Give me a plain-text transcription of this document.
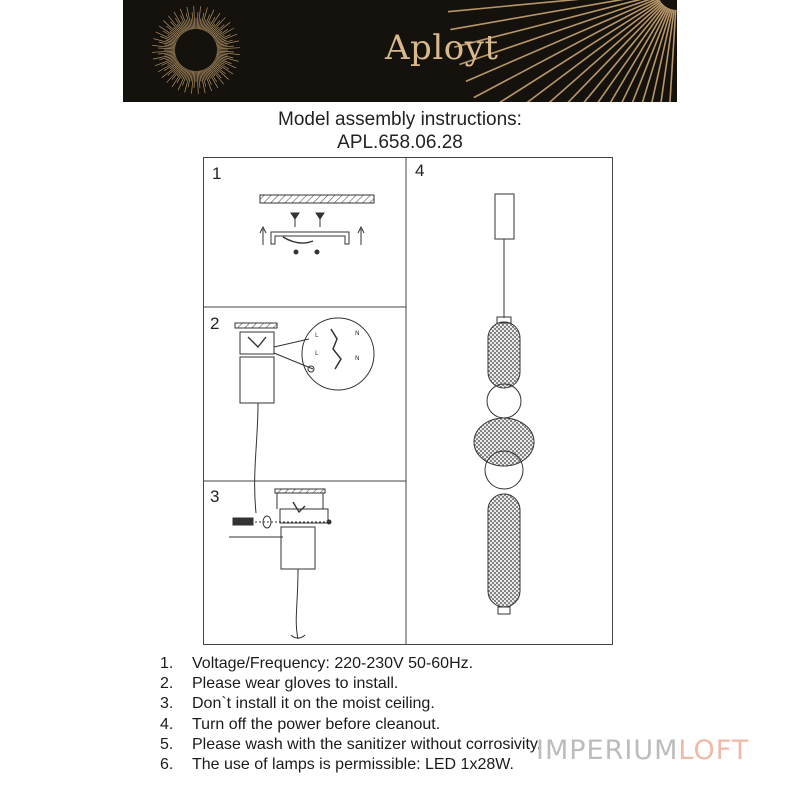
Aployt
Model assembly instructions:
APL.658.06.28
L	N
L
N
1
2
3
4
1.	Voltage/Frequency: 220-230V 50-60Hz.
2.	Please wear gloves to install.
3.	Don`t install it on the moist ceiling.
4.	Turn off the power before cleanout.
5.	Please wash with the sanitizer without corrosivity.
6.	The use of lamps is permissible: LED 1x28W. IMPERIUMLOFT
